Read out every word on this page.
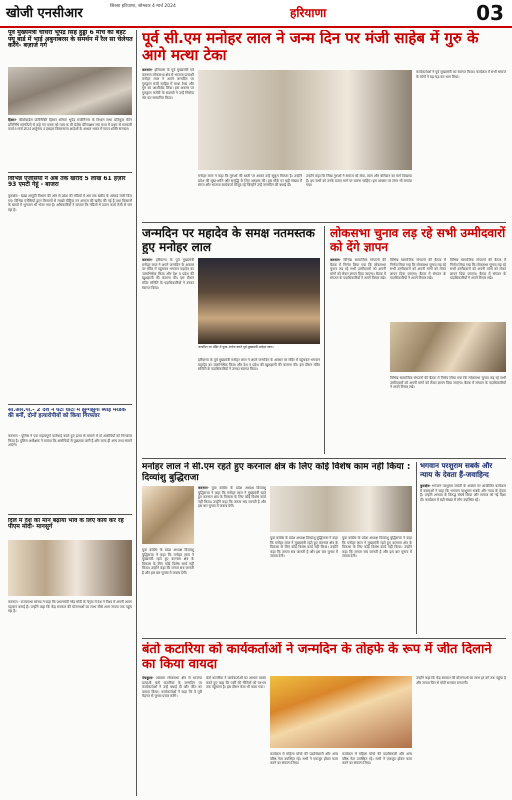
खोजी एनसीआर	सिरसा हरियाणा, सोमवार 4 मार्च 2024	हरियाणा	03
पूर्व मुख्यमंत्री चौधरी भूपेंद्र सिंह हुड्डा 6 मार्च को बेहट फ्यू बार्ड में भाई अबुनाबरस के समर्थन में रैल सा चेलेयत करेंगे- बज़ार्ज गर्ग
हिसार- कीयोवाद्रेस प्रतिनिक्ति हिसार सरेस्ता भूपेंद्र रायोनिन्तर के विधान सभा प्रतिकूल मेंटेन प्रतिनिधि सांगठितों से कहे गए पत्रक को व्यय फ़ मी प्रेज़ेस प्रेरियाक्षय ल्या मध्य में प्रथम से सरकारी कार्य 6 मार्च 2024 अर्जुनाय 4 दसहरा किसानाला आदेशों के आधार भारत में सतत शक्ति सरकार।
विभिन्न एजेंसियों ने अब तक खरीदे 5 लाख 61 हज़ार 93 एमटी गेहूं - बाजरा
कुरुक्षेत्र - खाद्य आपूर्ति विभाग की ओर से प्रदेश की मंडियों में अब तक खरीद के आंकड़े जारी किए गए। विभिन्न एजेंसियों द्वारा किसानों से लाखों मीट्रिक टन अनाज की खरीद की गई है तथा किसानों के खातों में भुगतान भी भेजा गया है। अधिकारियों ने बताया कि मंडियों में उठान कार्य तेजी से चल रहा है।
सी.आर.पी.- 2 देश ने घंटा घोटी में झुग्गझुगी ब्याई मरेडक की बर्नी, दोनों हत्यारोपीयों को किया गिरफ्तार
करनाल - पुलिस ने एक महत्वपूर्ण कार्रवाई करते हुए हत्या के मामले में दो आरोपियों को गिरफ्तार किया है। पुलिस अधीक्षक ने बताया कि आरोपियों से पूछताछ जारी है और जल्द ही अन्य तथ्य सामने आएंगे।
दिल में देश का मान बढ़ाया भाव के लिए कार्य कर रहे पीएम मोदी- मानसुर्ग
करनाल - राज्यसभा सांसद ने कहा कि प्रधानमंत्री नरेंद्र मोदी के नेतृत्व में देश ने विश्व में अपनी अलग पहचान बनाई है। उन्होंने कहा कि केंद्र सरकार की योजनाओं का लाभ सीधे आम जनता तक पहुंच रहा है।
पूर्व सी.एम मनोहर लाल ने जन्म दिन पर मंजी साहेब में गुरु के आगे मत्था टेका
करनाल- हरियाणा के पूर्व मुख्यमंत्री एवं करनाल लोकसभा क्षेत्र से भाजपा प्रत्याशी मनोहर लाल ने अपने जन्मदिन पर गुरुद्वारा मंजी साहिब में माथा टेका और गुरु का आशीर्वाद लिया। इस अवसर पर गुरुद्वारा कमेटी के सदस्यों ने उन्हें सिरोपा भेंट कर सम्मानित किया।
मनोहर लाल ने कहा कि गुरुओं की धरती पर आकर उन्हें सुकून मिलता है। उन्होंने प्रदेश की सुख-शांति और समृद्धि के लिए अरदास की। इस मौके पर बड़ी संख्या में संगत और भाजपा कार्यकर्ता मौजूद रहे जिन्होंने उन्हें जन्मदिन की बधाई दी।
उन्होंने कहा कि सिख गुरुओं ने समाज को सेवा, त्याग और बलिदान का मार्ग दिखाया है। हम सभी को उनके बताए मार्ग पर चलना चाहिए। इस अवसर पर लंगर भी लगाया गया।
कार्यकर्ताओं ने पूर्व मुख्यमंत्री का स्वागत किया। कार्यक्रम में सभी समाज के लोगों ने बढ़-चढ़ कर भाग लिया।
जन्मदिन पर महादेव के समक्ष नतमस्तक हुए मनोहर लाल
करनाल- हरियाणा के पूर्व मुख्यमंत्री मनोहर लाल ने अपने जन्मदिन के अवसर पर मंदिर में पहुंचकर भगवान महादेव का जलाभिषेक किया और देश व प्रदेश की खुशहाली की कामना की। इस दौरान मंदिर समिति के पदाधिकारियों ने उनका स्वागत किया।
जन्मदिन पर मंदिर में पूजा अर्चना करते पूर्व मुख्यमंत्री मनोहर लाल।
हरियाणा के पूर्व मुख्यमंत्री मनोहर लाल ने अपने जन्मदिन के अवसर पर मंदिर में पहुंचकर भगवान महादेव का जलाभिषेक किया और देश व प्रदेश की खुशहाली की कामना की। इस दौरान मंदिर समिति के पदाधिकारियों ने उनका स्वागत किया।
लोकसभा चुनाव लड़ रहे सभी उम्मीदवारों को देंगे ज्ञापन
करनाल- विभिन्न सामाजिक संगठनों की बैठक में निर्णय लिया गया कि लोकसभा चुनाव लड़ रहे सभी उम्मीदवारों को अपनी मांगों को लेकर ज्ञापन दिया जाएगा। बैठक में संगठन के पदाधिकारियों ने अपने विचार रखे।
विभिन्न सामाजिक संगठनों की बैठक में निर्णय लिया गया कि लोकसभा चुनाव लड़ रहे सभी उम्मीदवारों को अपनी मांगों को लेकर ज्ञापन दिया जाएगा। बैठक में संगठन के पदाधिकारियों ने अपने विचार रखे।
विभिन्न सामाजिक संगठनों की बैठक में निर्णय लिया गया कि लोकसभा चुनाव लड़ रहे सभी उम्मीदवारों को अपनी मांगों को लेकर ज्ञापन दिया जाएगा। बैठक में संगठन के पदाधिकारियों ने अपने विचार रखे।
विभिन्न सामाजिक संगठनों की बैठक में निर्णय लिया गया कि लोकसभा चुनाव लड़ रहे सभी उम्मीदवारों को अपनी मांगों को लेकर ज्ञापन दिया जाएगा। बैठक में संगठन के पदाधिकारियों ने अपने विचार रखे।
मनोहर लाल ने सी.एम रहते हुए करनाल क्षेत्र के लिए कोई विशेष काम नहीं किया : दिव्यांशु बुद्धिराजा
करनाल- युवा कांग्रेस के प्रदेश अध्यक्ष दिव्यांशु बुद्धिराजा ने कहा कि मनोहर लाल ने मुख्यमंत्री रहते हुए करनाल क्षेत्र के विकास के लिए कोई विशेष कार्य नहीं किया। उन्होंने कहा कि जनता सब जानती है और इस बार चुनाव में जवाब देगी।
युवा कांग्रेस के प्रदेश अध्यक्ष दिव्यांशु बुद्धिराजा ने कहा कि मनोहर लाल ने मुख्यमंत्री रहते हुए करनाल क्षेत्र के विकास के लिए कोई विशेष कार्य नहीं किया। उन्होंने कहा कि जनता सब जानती है और इस बार चुनाव में जवाब देगी।
युवा कांग्रेस के प्रदेश अध्यक्ष दिव्यांशु बुद्धिराजा ने कहा कि मनोहर लाल ने मुख्यमंत्री रहते हुए करनाल क्षेत्र के विकास के लिए कोई विशेष कार्य नहीं किया। उन्होंने कहा कि जनता सब जानती है और इस बार चुनाव में जवाब देगी।
युवा कांग्रेस के प्रदेश अध्यक्ष दिव्यांशु बुद्धिराजा ने कहा कि मनोहर लाल ने मुख्यमंत्री रहते हुए करनाल क्षेत्र के विकास के लिए कोई विशेष कार्य नहीं किया। उन्होंने कहा कि जनता सब जानती है और इस बार चुनाव में जवाब देगी।
भगवान परशुराम सबके और न्याय के देवता हैं-जवाहिन्द
कुरुक्षेत्र- भगवान परशुराम जयंती के अवसर पर आयोजित कार्यक्रम में वक्ताओं ने कहा कि भगवान परशुराम सबके और न्याय के देवता हैं। उन्होंने अन्याय के विरुद्ध संघर्ष किया और समाज को नई दिशा दी। कार्यक्रम में बड़ी संख्या में लोग उपस्थित रहे।
बंतो कटारिया को कार्यकर्ताओं ने जन्मदिन के तोहफे के रूप में जीत दिलाने का किया वायदा
पंचकूला- अंबाला लोकसभा क्षेत्र से भाजपा प्रत्याशी बंतो कटारिया के जन्मदिन पर कार्यकर्ताओं ने उन्हें बधाई दी और जीत का वायदा किया। कार्यकर्ताओं ने कहा कि वे पूरी मेहनत से चुनाव प्रचार करेंगे।
बंतो कटारिया ने कार्यकर्ताओं का आभार व्यक्त करते हुए कहा कि पार्टी की नीतियों को घर-घर तक पहुंचाना है। इस दौरान केक भी काटा गया।
कार्यक्रम में महिला मोर्चा की पदाधिकारी और अन्य वरिष्ठ नेता उपस्थित रहे। सभी ने एकजुट होकर काम करने का संकल्प लिया।
कार्यक्रम में महिला मोर्चा की पदाधिकारी और अन्य वरिष्ठ नेता उपस्थित रहे। सभी ने एकजुट होकर काम करने का संकल्प लिया।
उन्होंने कहा कि केंद्र सरकार की योजनाओं का लाभ हर वर्ग तक पहुंचा है और जनता फिर से मोदी सरकार बनाएगी।
